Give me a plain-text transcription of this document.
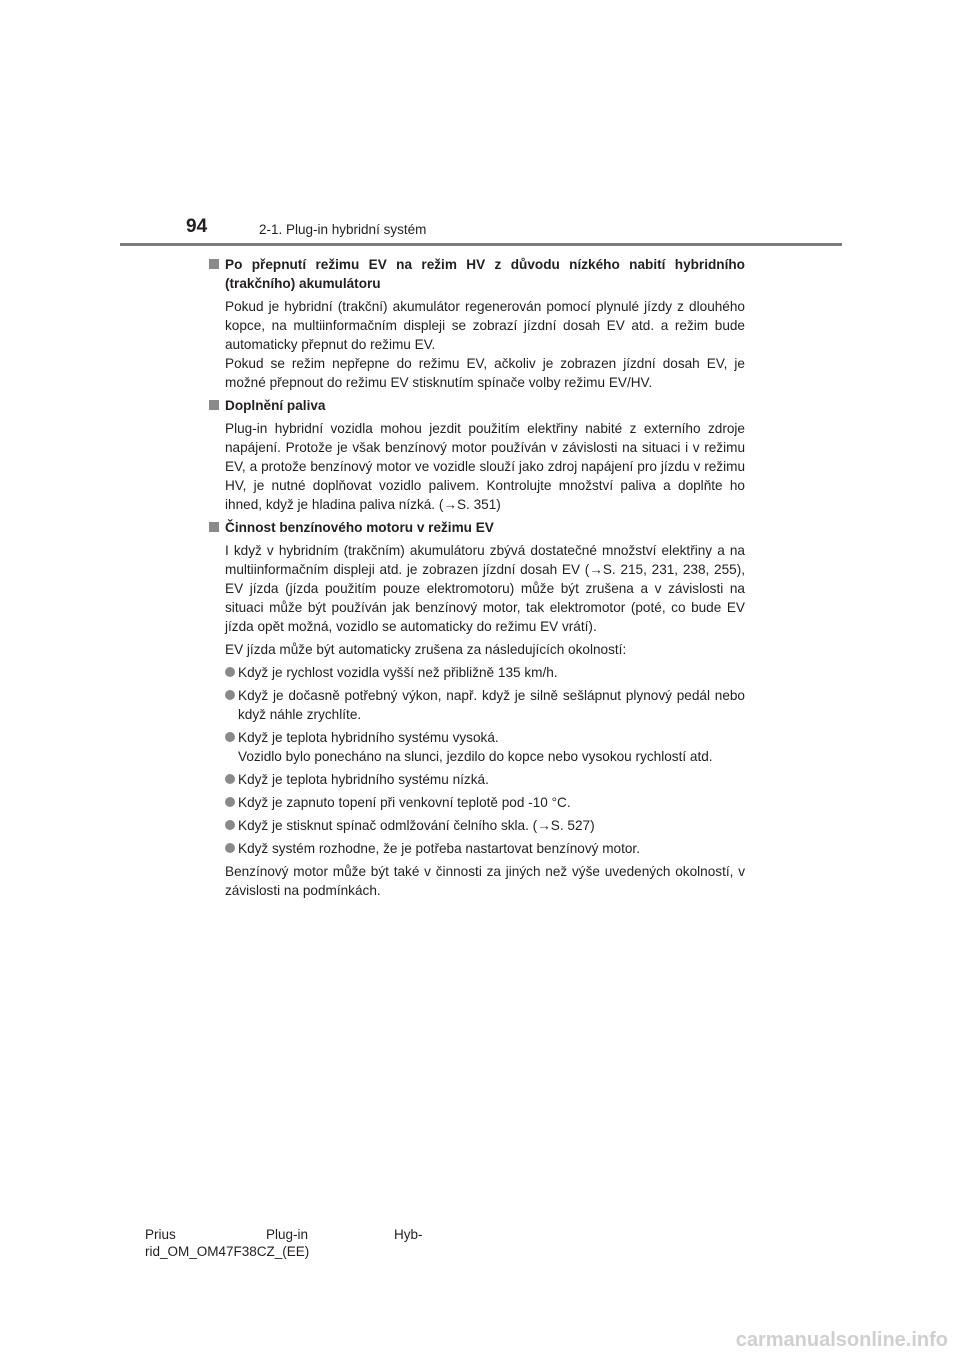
94	2-1. Plug-in hybridní systém
Po přepnutí režimu EV na režim HV z důvodu nízkého nabití hybridního (trakčního) akumulátoru
Pokud je hybridní (trakční) akumulátor regenerován pomocí plynulé jízdy z dlouhého kopce, na multiinformačním displeji se zobrazí jízdní dosah EV atd. a režim bude automaticky přepnut do režimu EV.
Pokud se režim nepřepne do režimu EV, ačkoliv je zobrazen jízdní dosah EV, je možné přepnout do režimu EV stisknutím spínače volby režimu EV/HV.
Doplnění paliva
Plug-in hybridní vozidla mohou jezdit použitím elektřiny nabité z externího zdroje napájení. Protože je však benzínový motor používán v závislosti na situaci i v režimu EV, a protože benzínový motor ve vozidle slouží jako zdroj napájení pro jízdu v režimu HV, je nutné doplňovat vozidlo palivem. Kontrolujte množství paliva a doplňte ho ihned, když je hladina paliva nízká. (→S. 351)
Činnost benzínového motoru v režimu EV
I když v hybridním (trakčním) akumulátoru zbývá dostatečné množství elektřiny a na multiinformačním displeji atd. je zobrazen jízdní dosah EV (→S. 215, 231, 238, 255), EV jízda (jízda použitím pouze elektromotoru) může být zrušena a v závislosti na situaci může být používán jak benzínový motor, tak elektromotor (poté, co bude EV jízda opět možná, vozidlo se automaticky do režimu EV vrátí).
EV jízda může být automaticky zrušena za následujících okolností:
Když je rychlost vozidla vyšší než přibližně 135 km/h.
Když je dočasně potřebný výkon, např. když je silně sešlápnut plynový pedál nebo když náhle zrychlíte.
Když je teplota hybridního systému vysoká.
Vozidlo bylo ponecháno na slunci, jezdilo do kopce nebo vysokou rychlostí atd.
Když je teplota hybridního systému nízká.
Když je zapnuto topení při venkovní teplotě pod -10 °C.
Když je stisknut spínač odmlžování čelního skla. (→S. 527)
Když systém rozhodne, že je potřeba nastartovat benzínový motor.
Benzínový motor může být také v činnosti za jiných než výše uvedených okolností, v závislosti na podmínkách.
Prius	Plug-in	Hyb-
rid_OM_OM47F38CZ_(EE)
carmanualsonline.info
